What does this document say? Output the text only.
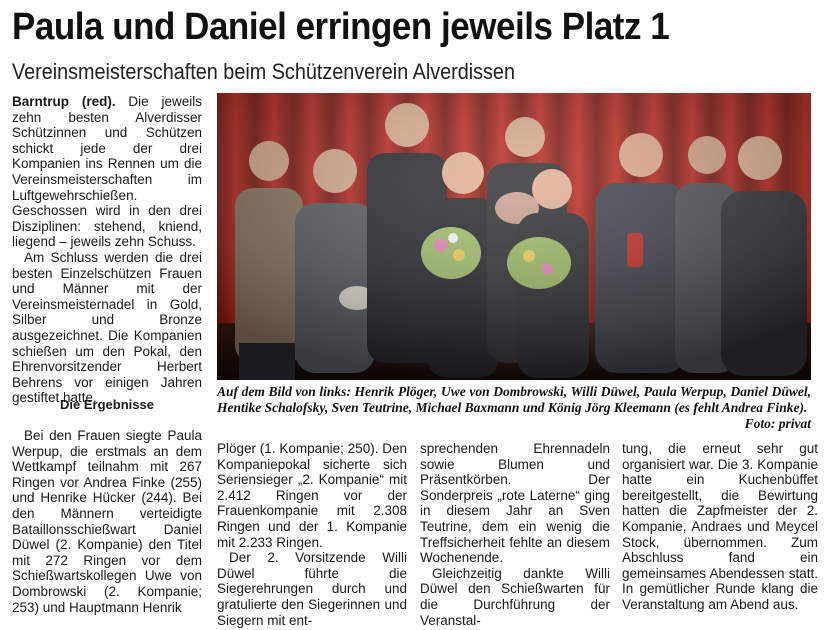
Paula und Daniel erringen jeweils Platz 1
Vereinsmeisterschaften beim Schützenverein Alverdissen

Barntrup (red). Die jeweils zehn besten Alverdisser Schützinnen und Schützen schickt jede der drei Kompanien ins Rennen um die Vereinsmeisterschaften im Luftgewehrschießen. Geschossen wird in den drei Disziplinen: stehend, kniend, liegend – jeweils zehn Schuss.

Am Schluss werden die drei besten Einzelschützen Frauen und Männer mit der Vereinsmeisternadel in Gold, Silber und Bronze ausgezeichnet. Die Kompanien schießen um den Pokal, den Ehrenvorsitzender Herbert Behrens vor einigen Jahren gestiftet hatte.

Die Ergebnisse

Bei den Frauen siegte Paula Werpup, die erstmals an dem Wettkampf teilnahm mit 267 Ringen vor Andrea Finke (255) und Henrike Hücker (244). Bei den Männern verteidigte Bataillonsschießwart Daniel Düwel (2. Kompanie) den Titel mit 272 Ringen vor dem Schießwartskollegen Uwe von Dombrowski (2. Kompanie; 253) und Hauptmann Henrik

Auf dem Bild von links: Henrik Plöger, Uwe von Dombrowski, Willi Düwel, Paula Werpup, Daniel Düwel, Hentike Schalofsky, Sven Teutrine, Michael Baxmann und König Jörg Kleemann (es fehlt Andrea Finke).
Foto: privat

Plöger (1. Kompanie; 250). Den Kompaniepokal sicherte sich Seriensieger „2. Kompanie“ mit 2.412 Ringen vor der Frauenkompanie mit 2.308 Ringen und der 1. Kompanie mit 2.233 Ringen.

Der 2. Vorsitzende Willi Düwel führte die Siegerehrungen durch und gratulierte den Siegerinnen und Siegern mit ent-

sprechenden Ehrennadeln sowie Blumen und Präsentkörben. Der Sonderpreis „rote Laterne“ ging in diesem Jahr an Sven Teutrine, dem ein wenig die Treffsicherheit fehlte an diesem Wochenende.

Gleichzeitig dankte Willi Düwel den Schießwarten für die Durchführung der Veranstal-

tung, die erneut sehr gut organisiert war. Die 3. Kompanie hatte ein Kuchenbüffet bereitgestellt, die Bewirtung hatten die Zapfmeister der 2. Kompanie, Andraes und Meycel Stock, übernommen. Zum Abschluss fand ein gemeinsames Abendessen statt. In gemütlicher Runde klang die Veranstaltung am Abend aus.
